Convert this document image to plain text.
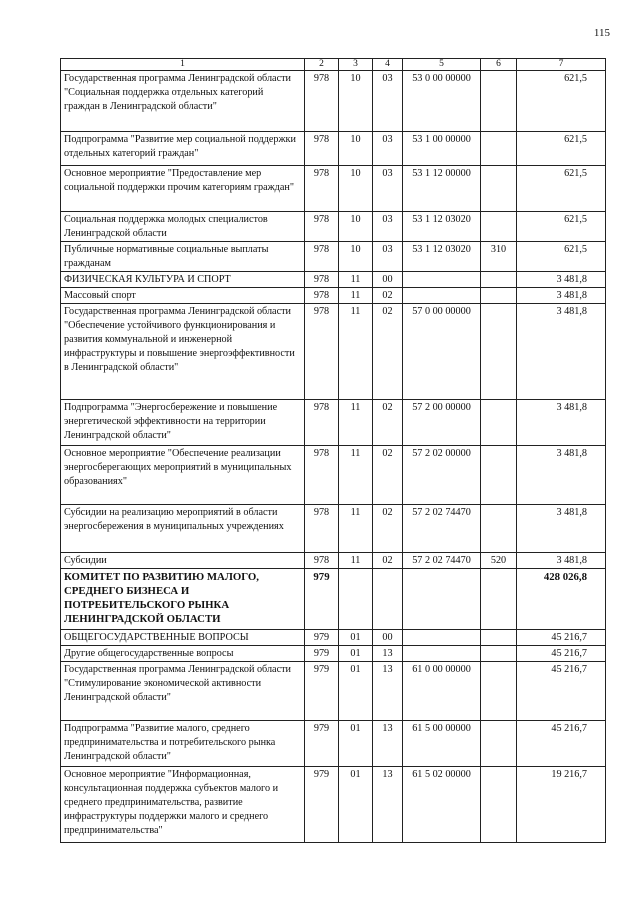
115
1	2	3	4	5	6	7
Государственная программа Ленинградской области "Социальная поддержка отдельных категорий граждан в Ленинградской области"	978	10	03	53 0 00 00000		621,5
Подпрограмма "Развитие мер социальной поддержки отдельных категорий граждан"	978	10	03	53 1 00 00000		621,5
Основное мероприятие "Предоставление мер социальной поддержки прочим категориям граждан"	978	10	03	53 1 12 00000		621,5
Социальная поддержка молодых специалистов Ленинградской области	978	10	03	53 1 12 03020		621,5
Публичные нормативные социальные выплаты гражданам	978	10	03	53 1 12 03020	310	621,5
ФИЗИЧЕСКАЯ КУЛЬТУРА И СПОРТ	978	11	00			3 481,8
Массовый спорт	978	11	02			3 481,8
Государственная программа Ленинградской области "Обеспечение устойчивого функционирования и развития коммунальной и инженерной инфраструктуры и повышение энергоэффективности в Ленинградской области"	978	11	02	57 0 00 00000		3 481,8
Подпрограмма "Энергосбережение и повышение энергетической эффективности на территории Ленинградской области"	978	11	02	57 2 00 00000		3 481,8
Основное мероприятие "Обеспечение реализации энергосберегающих мероприятий в муниципальных образованиях"	978	11	02	57 2 02 00000		3 481,8
Субсидии на реализацию мероприятий в области энергосбережения в муниципальных учреждениях	978	11	02	57 2 02 74470		3 481,8
Субсидии	978	11	02	57 2 02 74470	520	3 481,8
КОМИТЕТ ПО РАЗВИТИЮ МАЛОГО, СРЕДНЕГО БИЗНЕСА И ПОТРЕБИТЕЛЬСКОГО РЫНКА ЛЕНИНГРАДСКОЙ ОБЛАСТИ	979					428 026,8
ОБЩЕГОСУДАРСТВЕННЫЕ ВОПРОСЫ	979	01	00			45 216,7
Другие общегосударственные вопросы	979	01	13			45 216,7
Государственная программа Ленинградской области "Стимулирование экономической активности Ленинградской области"	979	01	13	61 0 00 00000		45 216,7
Подпрограмма "Развитие малого, среднего предпринимательства и потребительского рынка Ленинградской области"	979	01	13	61 5 00 00000		45 216,7
Основное мероприятие "Информационная, консультационная поддержка субъектов малого и среднего предпринимательства, развитие инфраструктуры поддержки малого и среднего предпринимательства"	979	01	13	61 5 02 00000		19 216,7
